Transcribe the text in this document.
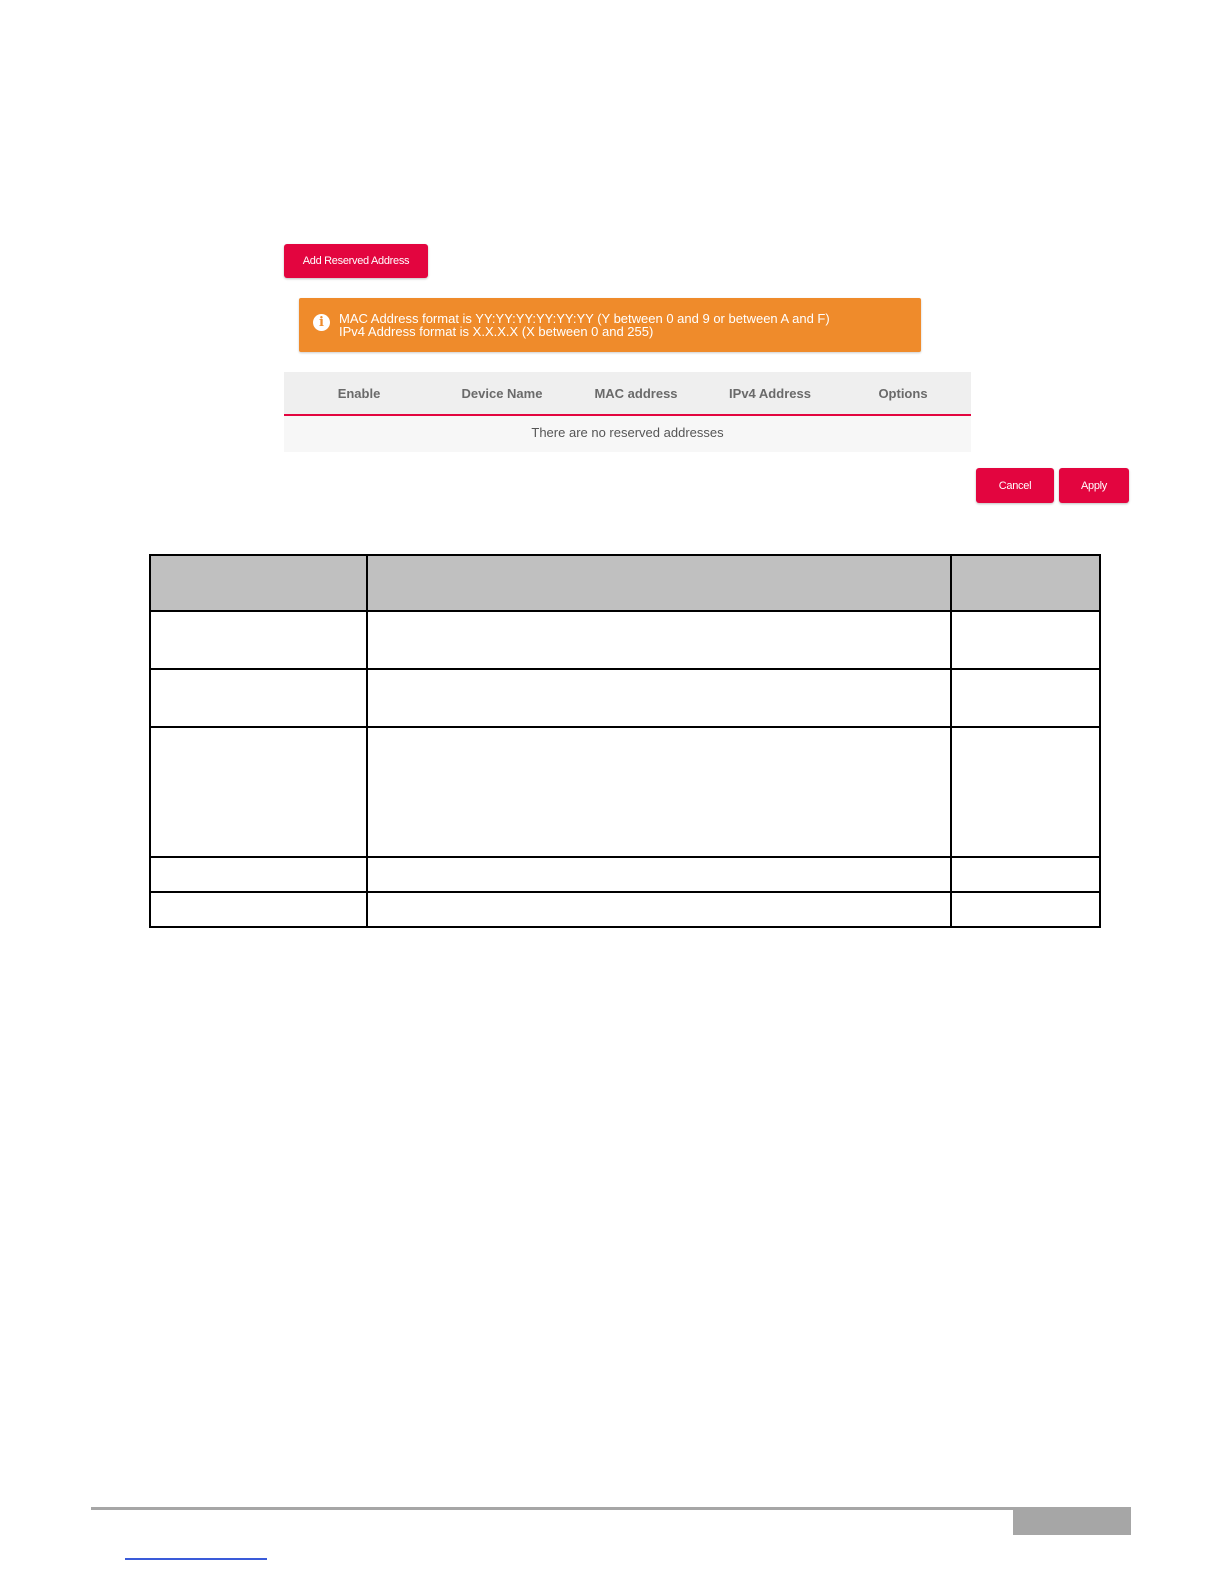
Add Reserved Address
i	MAC Address format is YY:YY:YY:YY:YY:YY (Y between 0 and 9 or between A and F)
IPv4 Address format is X.X.X.X (X between 0 and 255)
Enable	Device Name	MAC address	IPv4 Address	Options
There are no reserved addresses
Cancel	Apply
